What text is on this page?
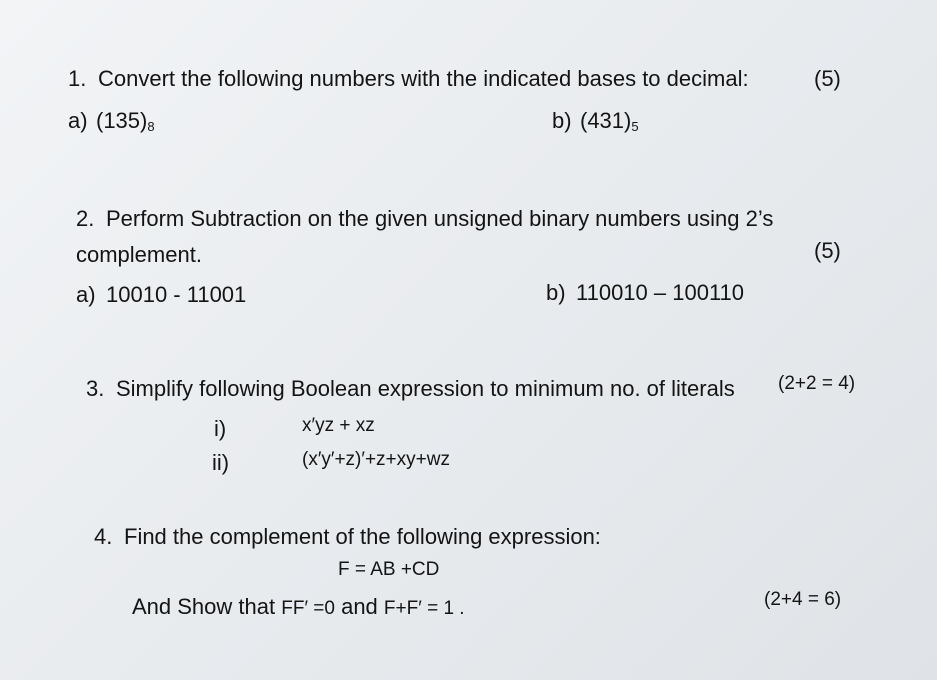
1. Convert the following numbers with the indicated bases to decimal:	(5)
a) $(135)_8$	b) $(431)_5$
2. Perform Subtraction on the given unsigned binary numbers using 2’s
complement.	(5)
a) 10010 - 11001	b) 110010 – 100110
3. Simplify following Boolean expression to minimum no. of literals (2+2 = 4)
i)	x′yz + xz
ii)	(x′y′+z)′+z+xy+wz
4. Find the complement of the following expression:
F = AB +CD
And Show that FF′ =0 and F+F′ = 1 .	(2+4 = 6)
